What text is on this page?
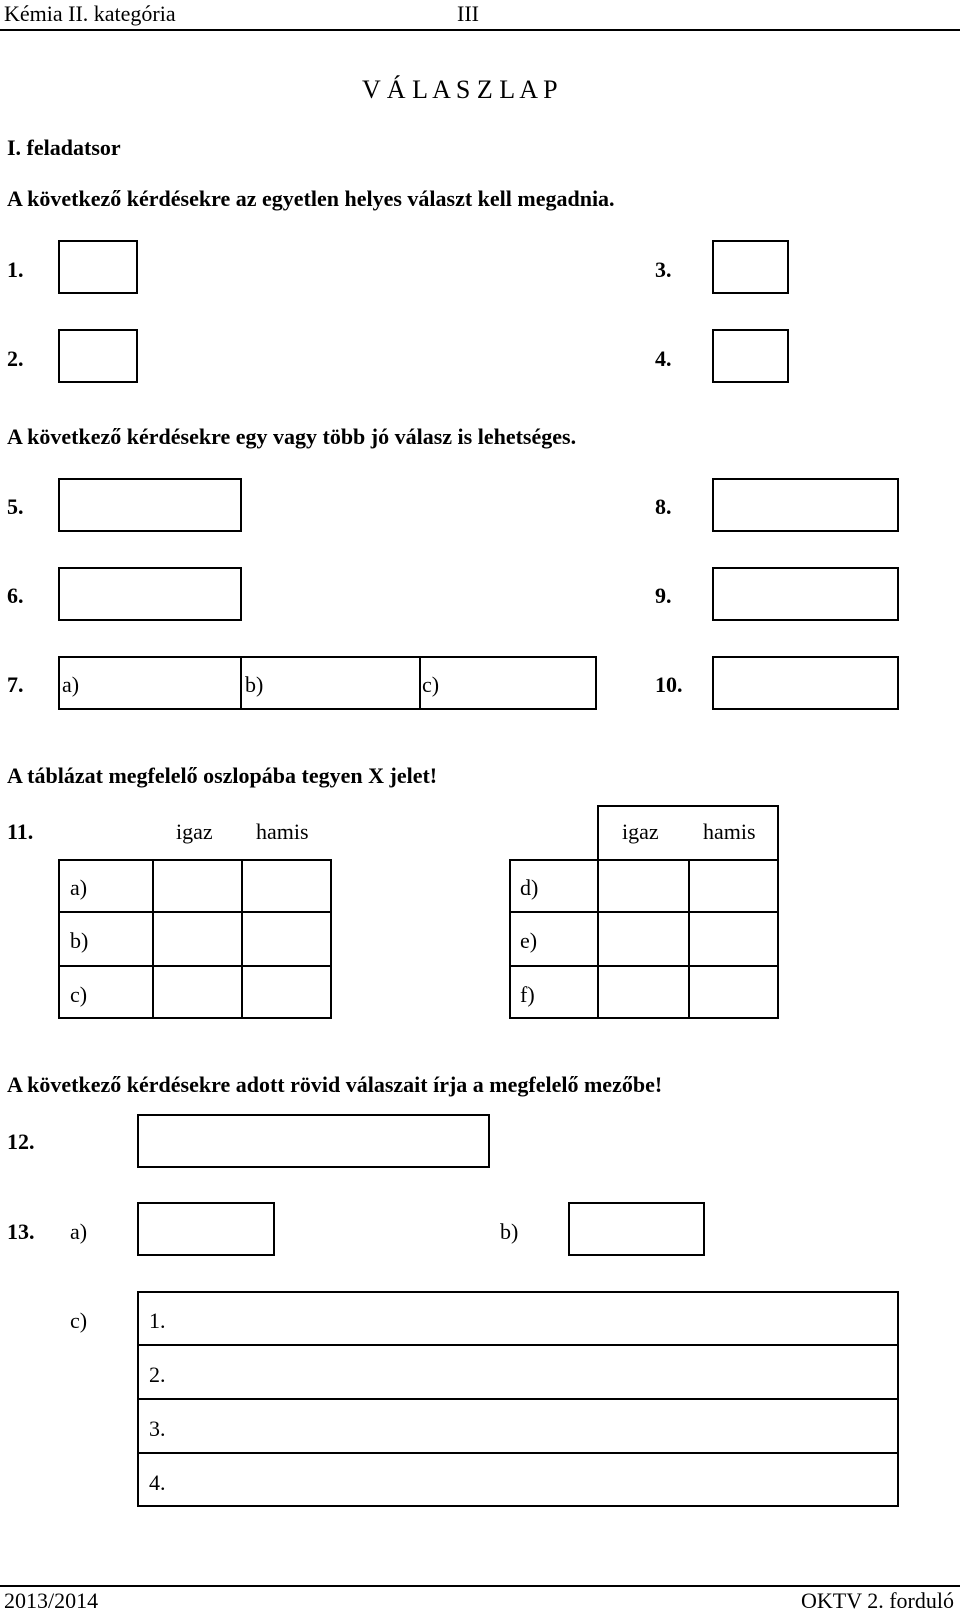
Kémia II. kategória	III
V Á L A S Z L A P
I. feladatsor
A következő kérdésekre az egyetlen helyes választ kell megadnia.
1.	3.
2.	4.
A következő kérdésekre egy vagy több jó válasz is lehetséges.
5.	8.
6.	9.
7. a)	b)	c)	10.
A táblázat megfelelő oszlopába tegyen X jelet!
11.	igaz hamis
a)
b)
c)
igaz hamis
d)
e)
f)
A következő kérdésekre adott rövid válaszait írja a megfelelő mezőbe!
12.
13. a)	b)
c)	1.
2.
3.
4.
2013/2014	OKTV 2. forduló
